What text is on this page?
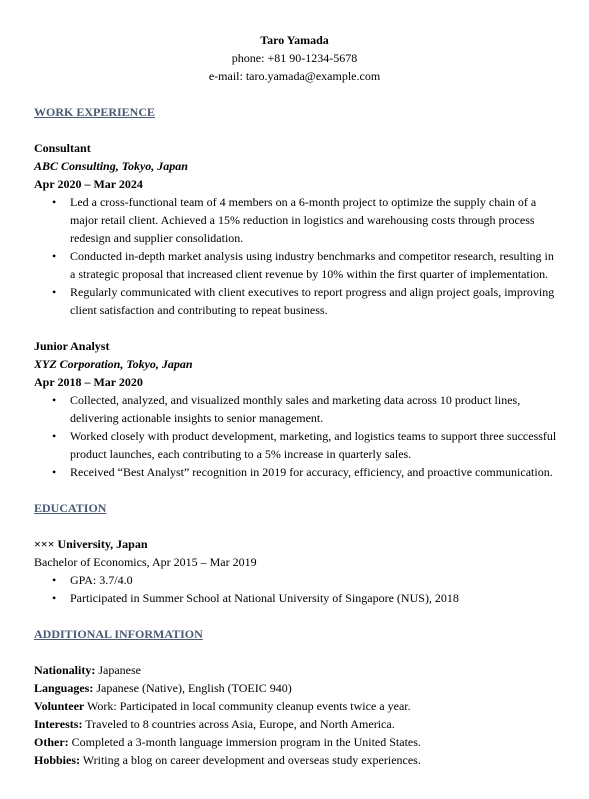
Taro Yamada
phone: +81 90-1234-5678
e-mail: taro.yamada@example.com
WORK EXPERIENCE
Consultant
ABC Consulting, Tokyo, Japan
Apr 2020 – Mar 2024
• Led a cross-functional team of 4 members on a 6-month project to optimize the supply chain of a major retail client. Achieved a 15% reduction in logistics and warehousing costs through process redesign and supplier consolidation.
• Conducted in-depth market analysis using industry benchmarks and competitor research, resulting in a strategic proposal that increased client revenue by 10% within the first quarter of implementation.
• Regularly communicated with client executives to report progress and align project goals, improving client satisfaction and contributing to repeat business.
Junior Analyst
XYZ Corporation, Tokyo, Japan
Apr 2018 – Mar 2020
• Collected, analyzed, and visualized monthly sales and marketing data across 10 product lines, delivering actionable insights to senior management.
• Worked closely with product development, marketing, and logistics teams to support three successful product launches, each contributing to a 5% increase in quarterly sales.
• Received “Best Analyst” recognition in 2019 for accuracy, efficiency, and proactive communication.
EDUCATION
××× University, Japan
Bachelor of Economics, Apr 2015 – Mar 2019
• GPA: 3.7/4.0
• Participated in Summer School at National University of Singapore (NUS), 2018
ADDITIONAL INFORMATION
Nationality: Japanese
Languages: Japanese (Native), English (TOEIC 940)
Volunteer Work: Participated in local community cleanup events twice a year.
Interests: Traveled to 8 countries across Asia, Europe, and North America.
Other: Completed a 3-month language immersion program in the United States.
Hobbies: Writing a blog on career development and overseas study experiences.
